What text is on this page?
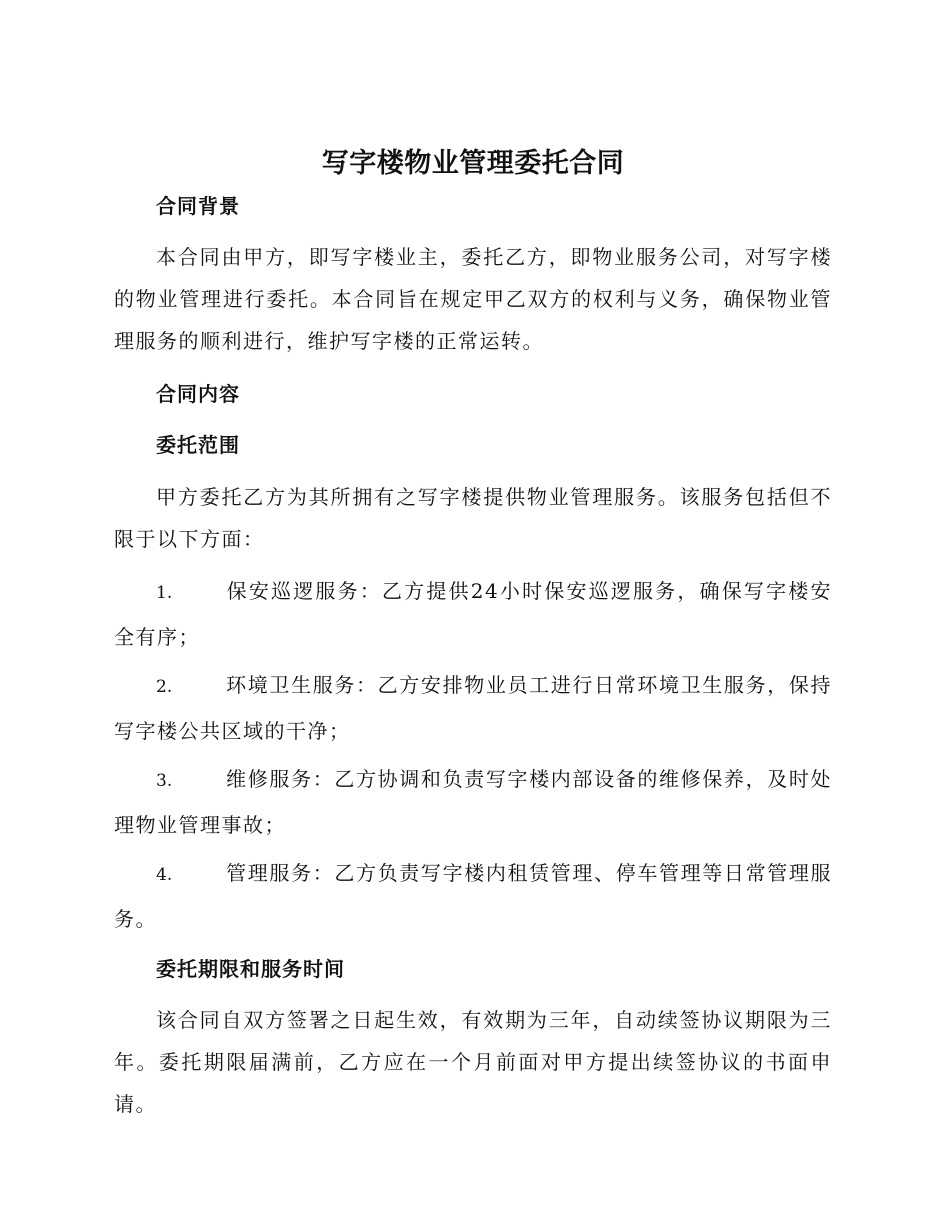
写字楼物业管理委托合同
合同背景

本合同由甲方，即写字楼业主，委托乙方，即物业服务公司，对写字楼的物业管理进行委托。本合同旨在规定甲乙双方的权利与义务，确保物业管理服务的顺利进行，维护写字楼的正常运转。

合同内容
委托范围

甲方委托乙方为其所拥有之写字楼提供物业管理服务。该服务包括但不限于以下方面：

1.	保安巡逻服务：乙方提供24小时保安巡逻服务，确保写字楼安全有序；

2.	环境卫生服务：乙方安排物业员工进行日常环境卫生服务，保持写字楼公共区域的干净；

3.	维修服务：乙方协调和负责写字楼内部设备的维修保养，及时处理物业管理事故；

4.	管理服务：乙方负责写字楼内租赁管理、停车管理等日常管理服务。

委托期限和服务时间

该合同自双方签署之日起生效，有效期为三年，自动续签协议期限为三年。委托期限届满前，乙方应在一个月前面对甲方提出续签协议的书面申请。
